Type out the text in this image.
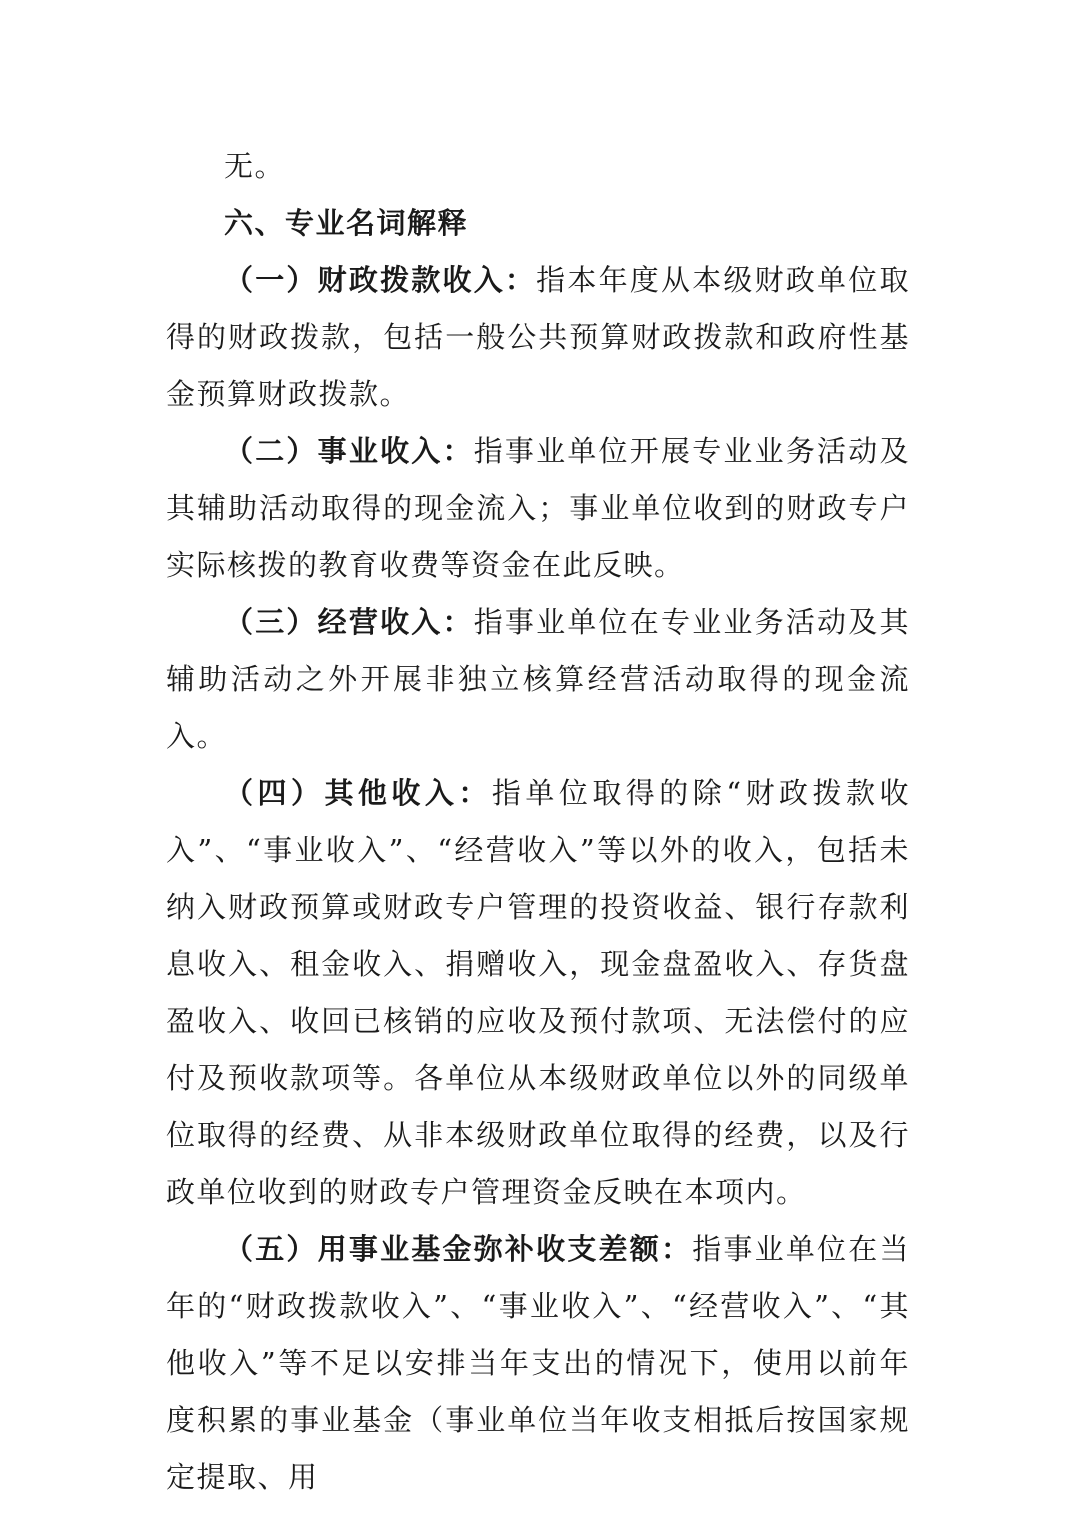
无。

六、专业名词解释

（一）财政拨款收入：指本年度从本级财政单位取得的财政拨款，包括一般公共预算财政拨款和政府性基金预算财政拨款。

（二）事业收入：指事业单位开展专业业务活动及其辅助活动取得的现金流入；事业单位收到的财政专户实际核拨的教育收费等资金在此反映。

（三）经营收入：指事业单位在专业业务活动及其辅助活动之外开展非独立核算经营活动取得的现金流入。

（四）其他收入：指单位取得的除“财政拨款收入”、“事业收入”、“经营收入”等以外的收入，包括未纳入财政预算或财政专户管理的投资收益、银行存款利息收入、租金收入、捐赠收入，现金盘盈收入、存货盘盈收入、收回已核销的应收及预付款项、无法偿付的应付及预收款项等。各单位从本级财政单位以外的同级单位取得的经费、从非本级财政单位取得的经费，以及行政单位收到的财政专户管理资金反映在本项内。

（五）用事业基金弥补收支差额：指事业单位在当年的“财政拨款收入”、“事业收入”、“经营收入”、“其他收入”等不足以安排当年支出的情况下，使用以前年度积累的事业基金（事业单位当年收支相抵后按国家规定提取、用
